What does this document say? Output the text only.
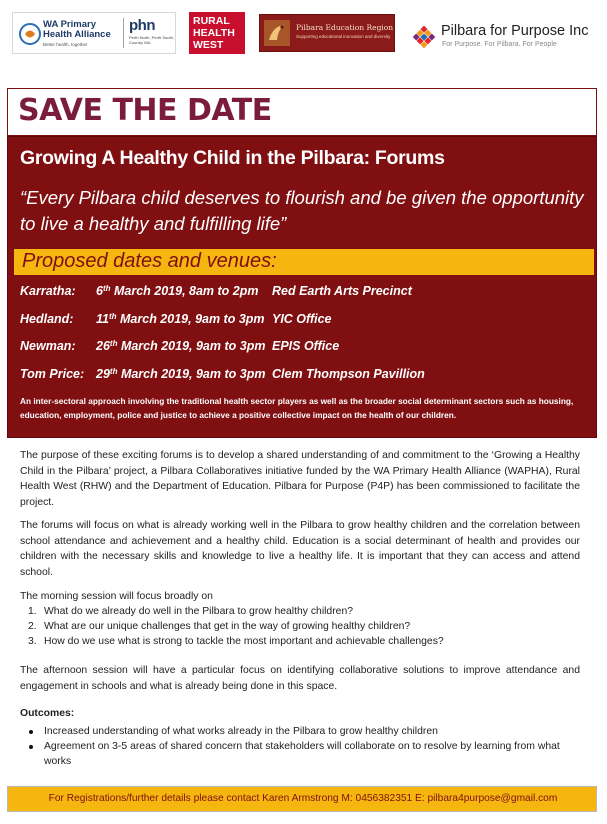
WA Primary Health Alliance
Better health, together
phn
Perth North, Perth South, Country WA
RURAL
HEALTH
WEST
Pilbara Education Region
Supporting educational innovation and diversity	Pilbara for Purpose Inc
For Purpose. For Pilbara. For People
SAVE THE DATE
Growing A Healthy Child in the Pilbara: Forums
“Every Pilbara child deserves to flourish and be given the opportunity to live a healthy and fulfilling life”
Proposed dates and venues:
Karratha: 6th March 2019, 8am to 2pm Red Earth Arts Precinct
Hedland: 11th March 2019, 9am to 3pm YIC Office
Newman: 26th March 2019, 9am to 3pm EPIS Office
Tom Price: 29th March 2019, 9am to 3pm Clem Thompson Pavillion
An inter-sectoral approach involving the traditional health sector players as well as the broader social determinant sectors such as housing, education, employment, police and justice to achieve a positive collective impact on the health of our children.
The purpose of these exciting forums is to develop a shared understanding of and commitment to the ‘Growing a Healthy Child in the Pilbara’ project, a Pilbara Collaboratives initiative funded by the WA Primary Health Alliance (WAPHA), Rural Health West (RHW) and the Department of Education. Pilbara for Purpose (P4P) has been commissioned to facilitate the project.
The forums will focus on what is already working well in the Pilbara to grow healthy children and the correlation between school attendance and achievement and a healthy child. Education is a social determinant of health and provides our children with the necessary skills and knowledge to live a healthy life. It is important that they can access and attend school.
The morning session will focus broadly on
1. What do we already do well in the Pilbara to grow healthy children?
2. What are our unique challenges that get in the way of growing healthy children?
3. How do we use what is strong to tackle the most important and achievable challenges?
The afternoon session will have a particular focus on identifying collaborative solutions to improve attendance and engagement in schools and what is already being done in this space.
Outcomes:
Increased understanding of what works already in the Pilbara to grow healthy children
Agreement on 3-5 areas of shared concern that stakeholders will collaborate on to resolve by learning from what works
For Registrations/further details please contact Karen Armstrong M: 0456382351 E: pilbara4purpose@gmail.com
